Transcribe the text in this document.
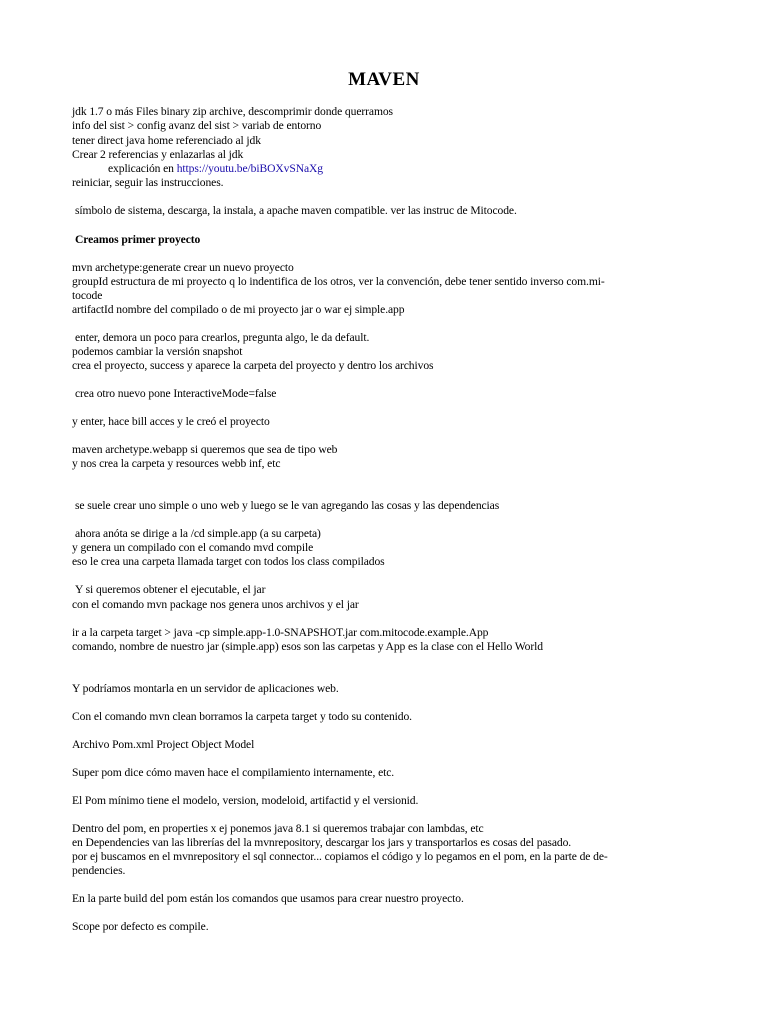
MAVEN
jdk 1.7 o más Files binary zip archive, descomprimir donde querramos
info del sist > config avanz del sist > variab de entorno
tener direct java home referenciado al jdk
Crear 2 referencias y enlazarlas al jdk
explicación en https://youtu.be/biBOXvSNaXg
reiniciar, seguir las instrucciones.
símbolo de sistema, descarga, la instala, a apache maven compatible. ver las instruc de Mitocode.
Creamos primer proyecto
mvn archetype:generate crear un nuevo proyecto
groupId estructura de mi proyecto q lo indentifica de los otros, ver la convención, debe tener sentido inverso com.mi-
tocode
artifactId nombre del compilado o de mi proyecto jar o war ej simple.app
enter, demora un poco para crearlos, pregunta algo, le da default.
podemos cambiar la versión snapshot
crea el proyecto, success y aparece la carpeta del proyecto y dentro los archivos
crea otro nuevo pone InteractiveMode=false
y enter, hace bill acces y le creó el proyecto
maven archetype.webapp si queremos que sea de tipo web
y nos crea la carpeta y resources webb inf, etc
se suele crear uno simple o uno web y luego se le van agregando las cosas y las dependencias
ahora anóta se dirige a la /cd simple.app (a su carpeta)
y genera un compilado con el comando mvd compile
eso le crea una carpeta llamada target con todos los class compilados
Y si queremos obtener el ejecutable, el jar
con el comando mvn package nos genera unos archivos y el jar
ir a la carpeta target > java -cp simple.app-1.0-SNAPSHOT.jar com.mitocode.example.App
comando, nombre de nuestro jar (simple.app) esos son las carpetas y App es la clase con el Hello World
Y podríamos montarla en un servidor de aplicaciones web.
Con el comando mvn clean borramos la carpeta target y todo su contenido.
Archivo Pom.xml Project Object Model
Super pom dice cómo maven hace el compilamiento internamente, etc.
El Pom mínimo tiene el modelo, version, modeloid, artifactid y el versionid.
Dentro del pom, en properties x ej ponemos java 8.1 si queremos trabajar con lambdas, etc
en Dependencies van las librerías del la mvnrepository, descargar los jars y transportarlos es cosas del pasado.
por ej buscamos en el mvnrepository el sql connector... copiamos el código y lo pegamos en el pom, en la parte de de-
pendencies.
En la parte build del pom están los comandos que usamos para crear nuestro proyecto.
Scope por defecto es compile.
